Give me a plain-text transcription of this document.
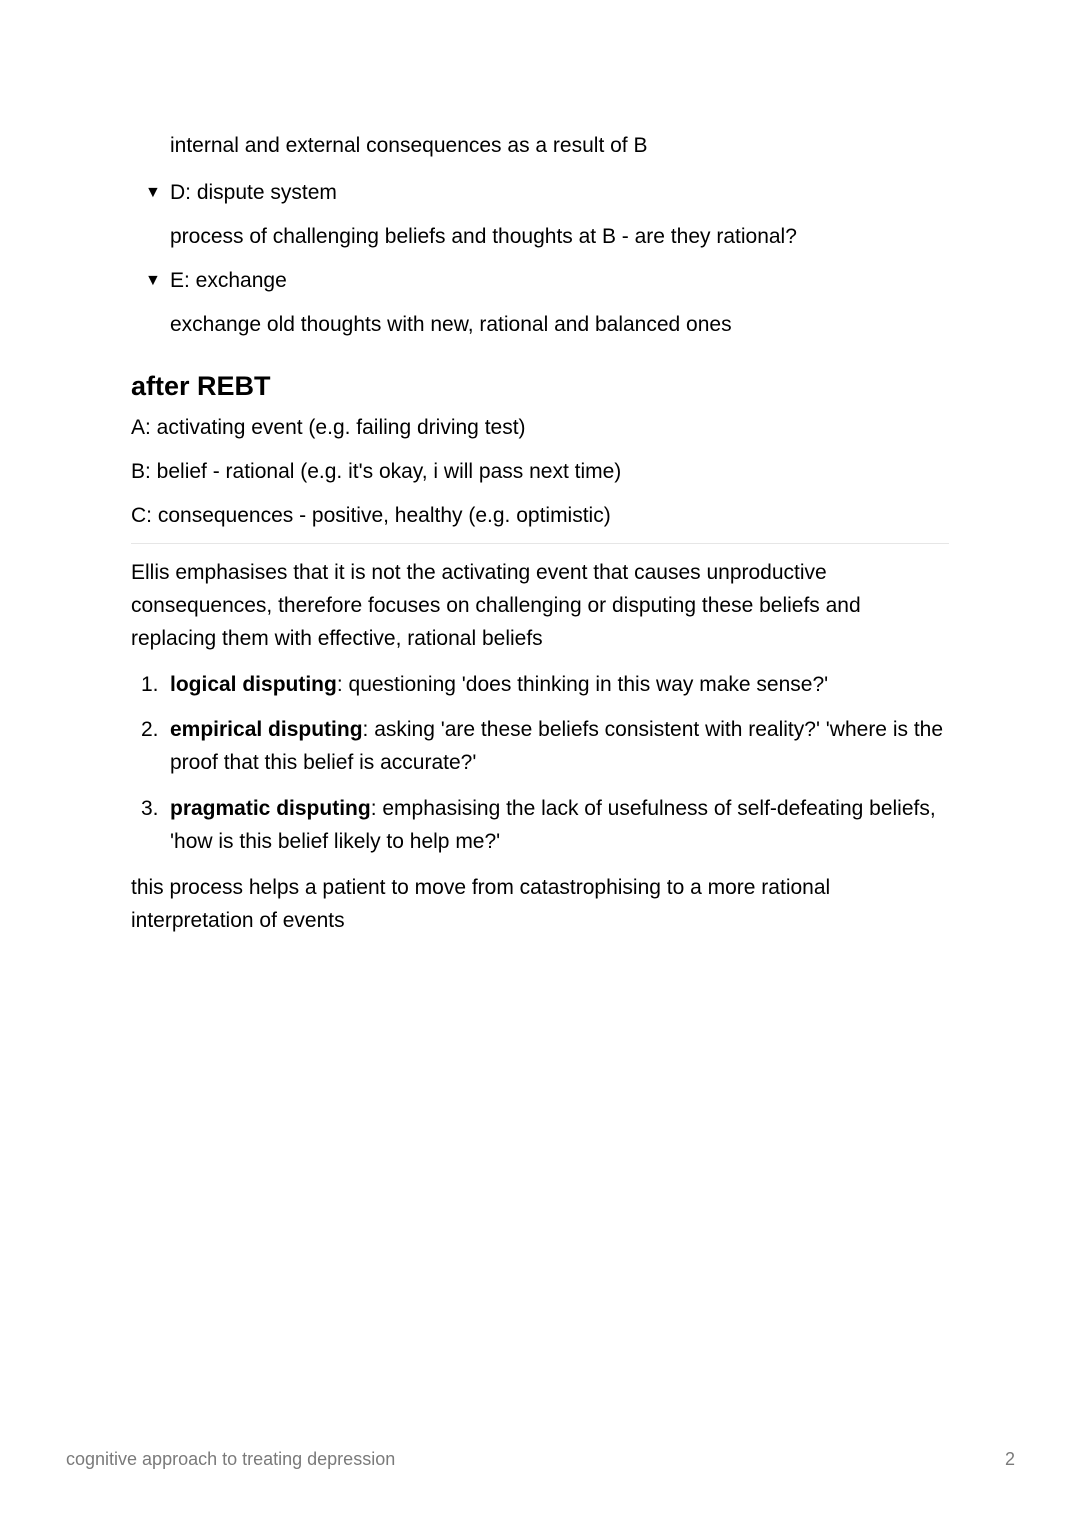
internal and external consequences as a result of B
▼ D: dispute system
process of challenging beliefs and thoughts at B - are they rational?
▼ E: exchange
exchange old thoughts with new, rational and balanced ones
after REBT
A: activating event (e.g. failing driving test)
B: belief - rational (e.g. it's okay, i will pass next time)
C: consequences - positive, healthy (e.g. optimistic)

Ellis emphasises that it is not the activating event that causes unproductive consequences, therefore focuses on challenging or disputing these beliefs and replacing them with effective, rational beliefs

1. logical disputing: questioning 'does thinking in this way make sense?'
2. empirical disputing: asking 'are these beliefs consistent with reality?' 'where is the proof that this belief is accurate?'
3. pragmatic disputing: emphasising the lack of usefulness of self-defeating beliefs, 'how is this belief likely to help me?'

this process helps a patient to move from catastrophising to a more rational interpretation of events

cognitive approach to treating depression	2
